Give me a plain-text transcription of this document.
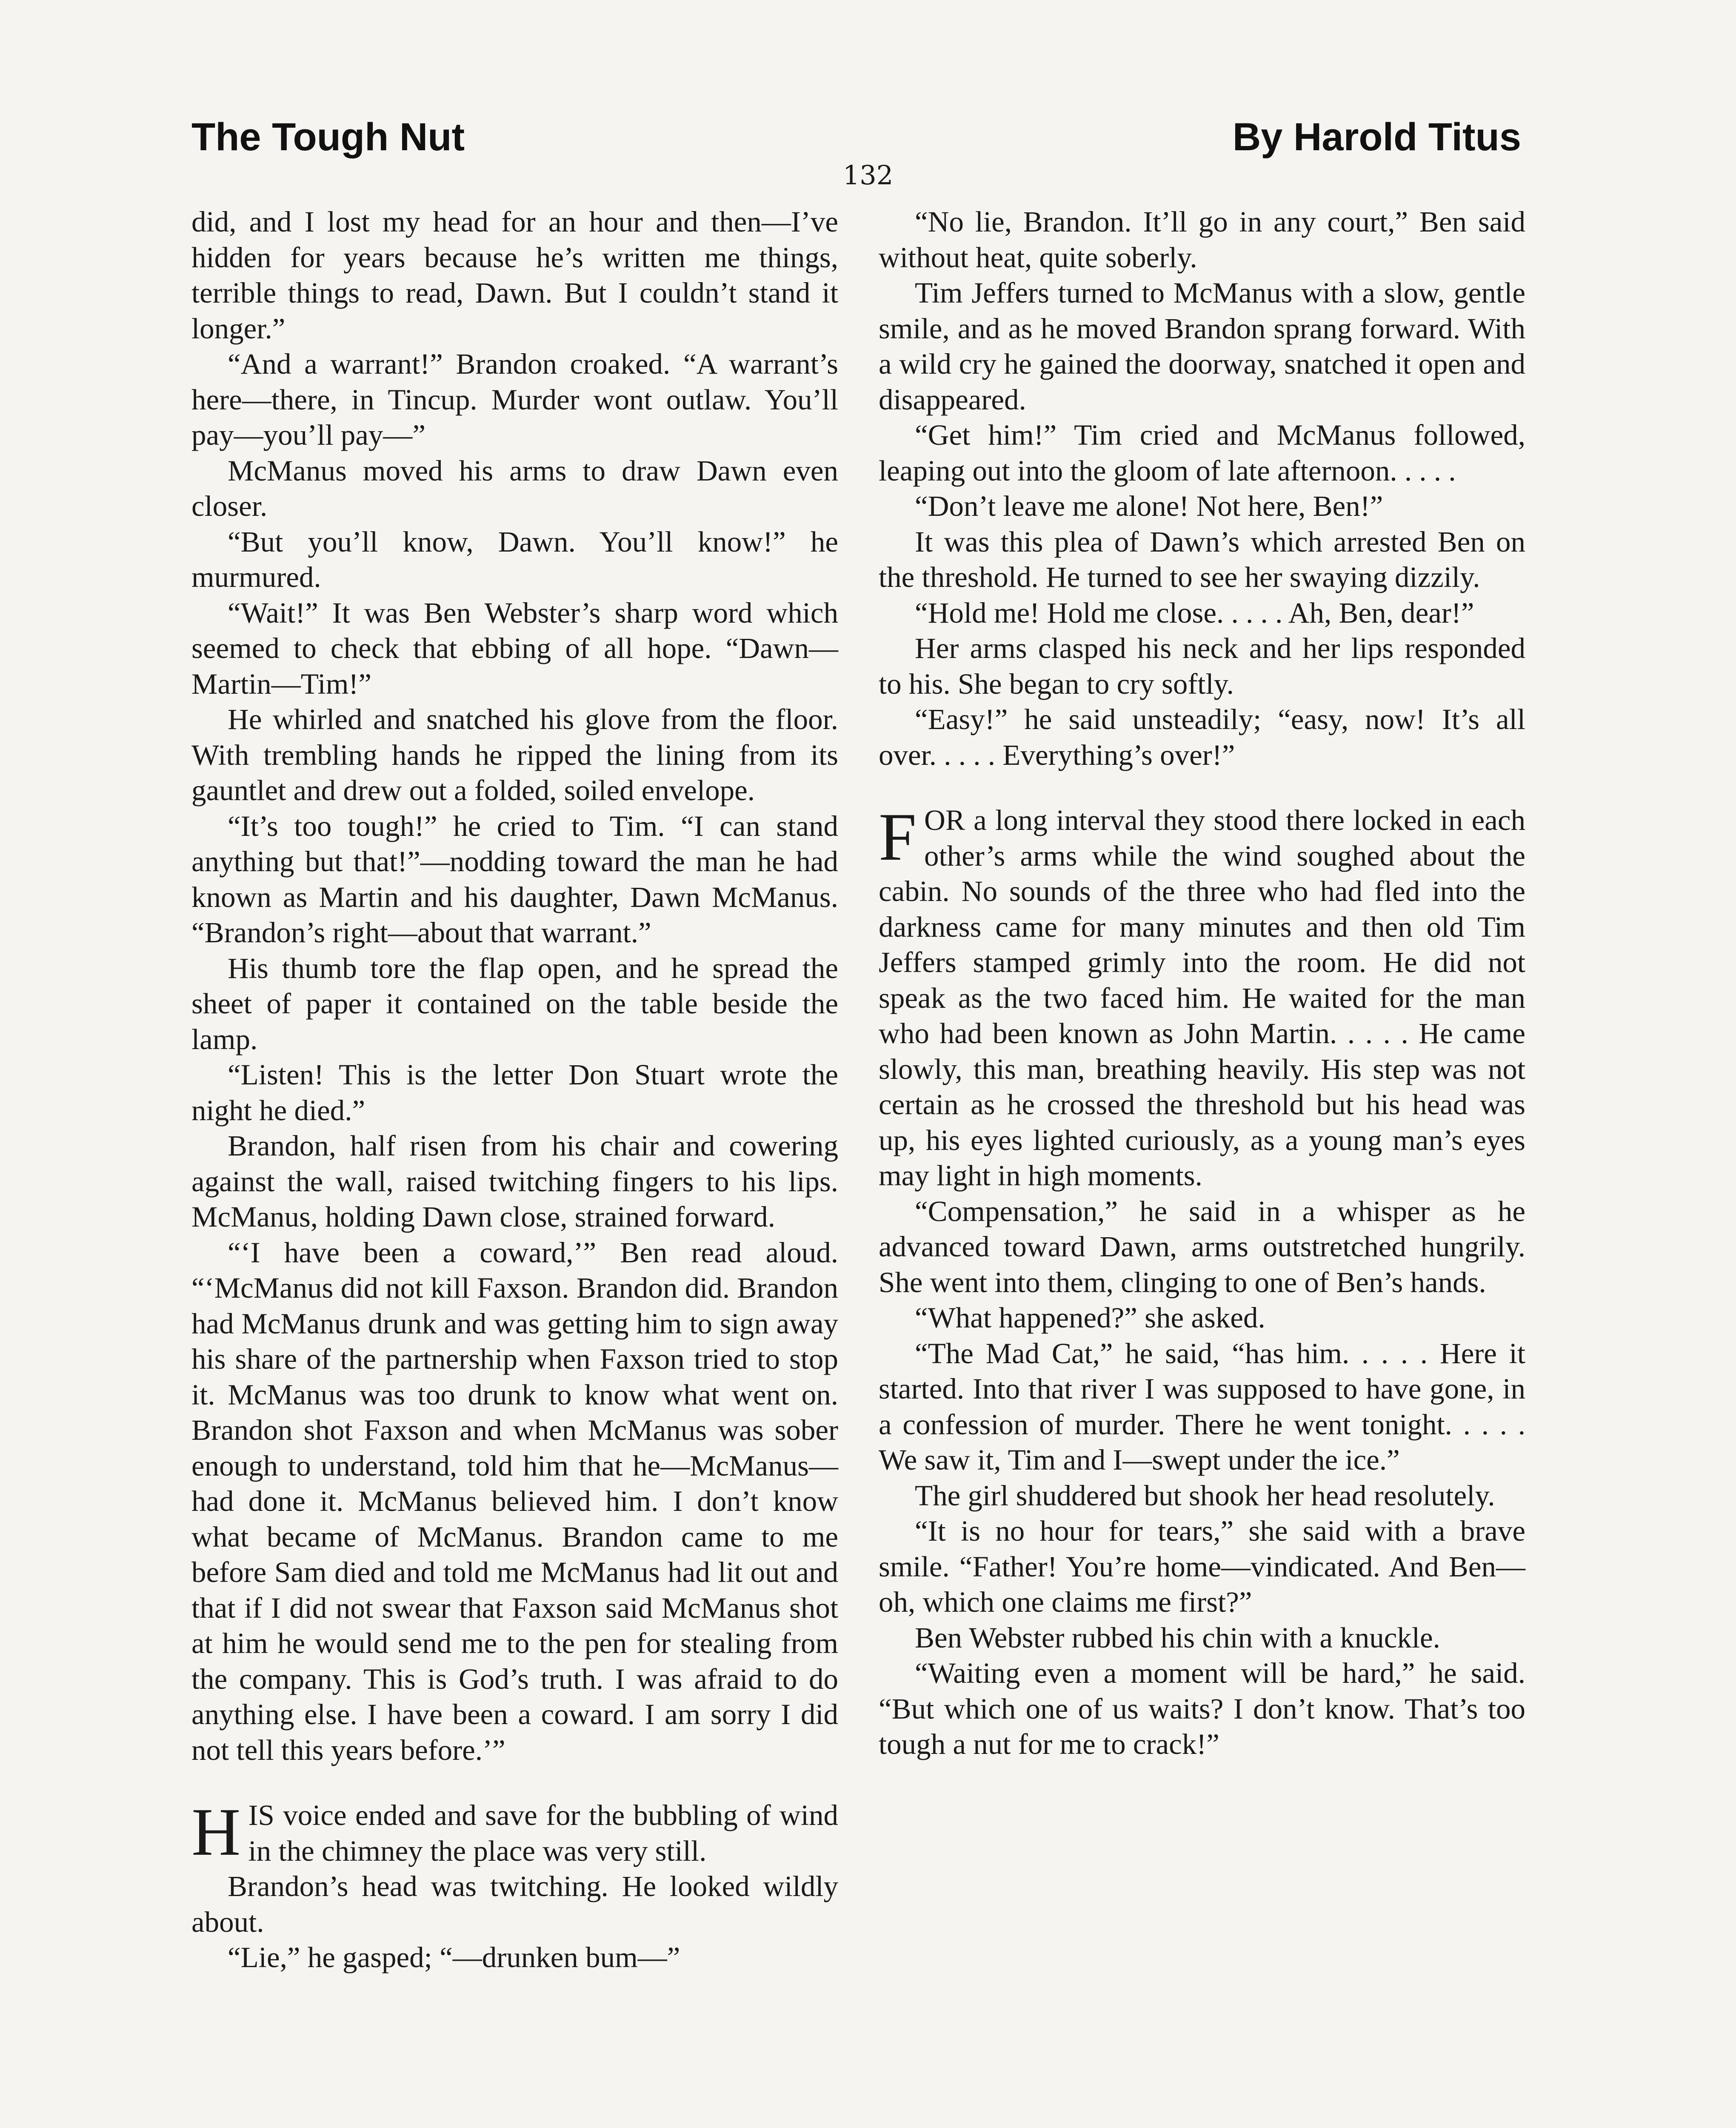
The Tough Nut	By Harold Titus
132

did, and I lost my head for an hour and then—I’ve hidden for years because he’s written me things, terrible things to read, Dawn. But I couldn’t stand it longer.”

“And a warrant!” Brandon croaked. “A warrant’s here—there, in Tincup. Murder wont outlaw. You’ll pay—you’ll pay—”

McManus moved his arms to draw Dawn even closer.

“But you’ll know, Dawn. You’ll know!” he murmured.

“Wait!” It was Ben Webster’s sharp word which seemed to check that ebbing of all hope. “Dawn—Martin—Tim!”

He whirled and snatched his glove from the floor. With trembling hands he ripped the lining from its gauntlet and drew out a folded, soiled envelope.

“It’s too tough!” he cried to Tim. “I can stand anything but that!”—nodding toward the man he had known as Martin and his daughter, Dawn McManus. “Brandon’s right—about that warrant.”

His thumb tore the flap open, and he spread the sheet of paper it contained on the table beside the lamp.

“Listen! This is the letter Don Stuart wrote the night he died.”

Brandon, half risen from his chair and cowering against the wall, raised twitching fingers to his lips. McManus, holding Dawn close, strained forward.

“‘I have been a coward,’” Ben read aloud. “‘McManus did not kill Faxson. Brandon did. Brandon had McManus drunk and was getting him to sign away his share of the partnership when Faxson tried to stop it. McManus was too drunk to know what went on. Brandon shot Faxson and when McManus was sober enough to understand, told him that he—McManus—had done it. McManus believed him. I don’t know what became of McManus. Brandon came to me before Sam died and told me McManus had lit out and that if I did not swear that Faxson said McManus shot at him he would send me to the pen for stealing from the company. This is God’s truth. I was afraid to do anything else. I have been a coward. I am sorry I did not tell this years before.’”

HIS voice ended and save for the bubbling of wind in the chimney the place was very still.

Brandon’s head was twitching. He looked wildly about.

“Lie,” he gasped; “—drunken bum—”

“No lie, Brandon. It’ll go in any court,” Ben said without heat, quite soberly.

Tim Jeffers turned to McManus with a slow, gentle smile, and as he moved Brandon sprang forward. With a wild cry he gained the doorway, snatched it open and disappeared.

“Get him!” Tim cried and McManus followed, leaping out into the gloom of late afternoon. . . . .

“Don’t leave me alone! Not here, Ben!”

It was this plea of Dawn’s which arrested Ben on the threshold. He turned to see her swaying dizzily.

“Hold me! Hold me close. . . . . Ah, Ben, dear!”

Her arms clasped his neck and her lips responded to his. She began to cry softly.

“Easy!” he said unsteadily; “easy, now! It’s all over. . . . . Everything’s over!”

FOR a long interval they stood there locked in each other’s arms while the wind soughed about the cabin. No sounds of the three who had fled into the darkness came for many minutes and then old Tim Jeffers stamped grimly into the room. He did not speak as the two faced him. He waited for the man who had been known as John Martin. . . . . He came slowly, this man, breathing heavily. His step was not certain as he crossed the threshold but his head was up, his eyes lighted curiously, as a young man’s eyes may light in high moments.

“Compensation,” he said in a whisper as he advanced toward Dawn, arms outstretched hungrily. She went into them, clinging to one of Ben’s hands.

“What happened?” she asked.

“The Mad Cat,” he said, “has him. . . . . Here it started. Into that river I was supposed to have gone, in a confession of murder. There he went tonight. . . . . We saw it, Tim and I—swept under the ice.”

The girl shuddered but shook her head resolutely.

“It is no hour for tears,” she said with a brave smile. “Father! You’re home—vindicated. And Ben—oh, which one claims me first?”

Ben Webster rubbed his chin with a knuckle.

“Waiting even a moment will be hard,” he said. “But which one of us waits? I don’t know. That’s too tough a nut for me to crack!”
